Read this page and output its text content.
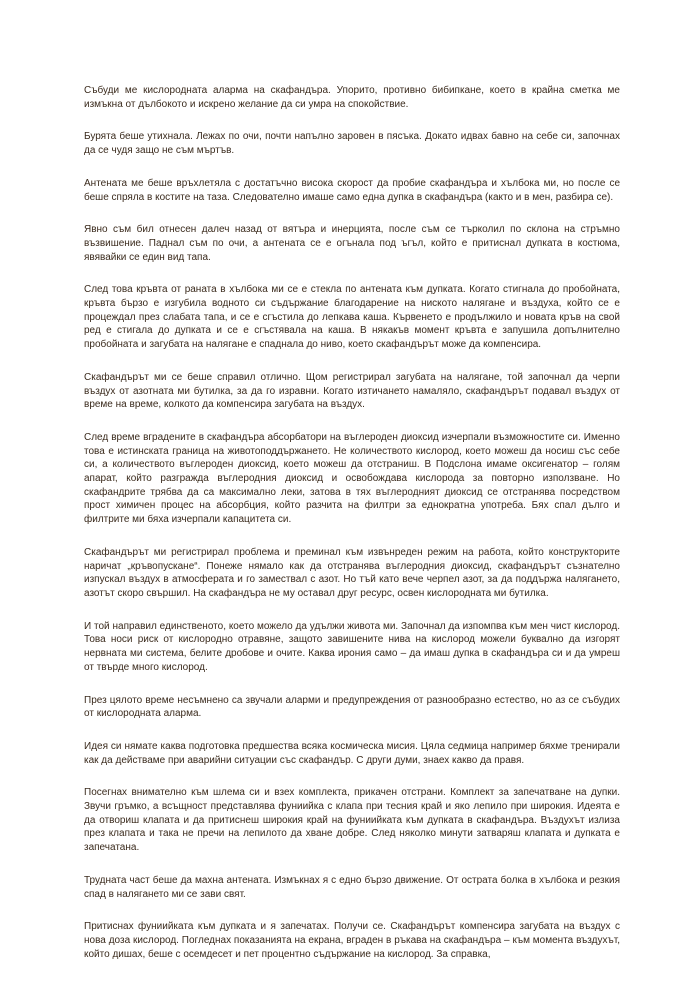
Събуди ме кислородната аларма на скафандъра. Упорито, противно бибипкане, което в крайна сметка ме измъкна от дълбокото и искрено желание да си умра на спокойствие.

Бурята беше утихнала. Лежах по очи, почти напълно заровен в пясъка. Докато идвах бавно на себе си, започнах да се чудя защо не съм мъртъв.

Антената ме беше връхлетяла с достатъчно висока скорост да пробие скафандъра и хълбока ми, но после се беше спряла в костите на таза. Следователно имаше само една дупка в скафандъра (както и в мен, разбира се).

Явно съм бил отнесен далеч назад от вятъра и инерцията, после съм се търколил по склона на стръмно възвишение. Паднал съм по очи, а антената се е огънала под ъгъл, който е притиснал дупката в костюма, явявайки се един вид тапа.

След това кръвта от раната в хълбока ми се е стекла по антената към дупката. Когато стигнала до пробойната, кръвта бързо е изгубила водното си съдържание благодарение на ниското налягане и въздуха, който се е процеждал през слабата тапа, и се е сгъстила до лепкава каша. Кървенето е продължило и новата кръв на свой ред е стигала до дупката и се е сгъстявала на каша. В някакъв момент кръвта е запушила допълнително пробойната и загубата на налягане е спаднала до ниво, което скафандърът може да компенсира.

Скафандърът ми се беше справил отлично. Щом регистрирал загубата на налягане, той започнал да черпи въздух от азотната ми бутилка, за да го изравни. Когато изтичането намаляло, скафандърът подавал въздух от време на време, колкото да компенсира загубата на въздух.

След време вградените в скафандъра абсорбатори на въглероден диоксид изчерпали възможностите си. Именно това е истинската граница на животоподдържането. Не количеството кислород, което можеш да носиш със себе си, а количеството въглероден диоксид, което можеш да отстраниш. В Подслона имаме оксигенатор – голям апарат, който разгражда въглеродния диоксид и освобождава кислорода за повторно използване. Но скафандрите трябва да са максимално леки, затова в тях въглеродният диоксид се отстранява посредством прост химичен процес на абсорбция, който разчита на филтри за еднократна употреба. Бях спал дълго и филтрите ми бяха изчерпали капацитета си.

Скафандърът ми регистрирал проблема и преминал към извънреден режим на работа, който конструкторите наричат „кръвопускане“. Понеже нямало как да отстранява въглеродния диоксид, скафандърът съзнателно изпускал въздух в атмосферата и го замествал с азот. Но тъй като вече черпел азот, за да поддържа налягането, азотът скоро свършил. На скафандъра не му оставал друг ресурс, освен кислородната ми бутилка.

И той направил единственото, което можело да удължи живота ми. Започнал да изпомпва към мен чист кислород. Това носи риск от кислородно отравяне, защото завишените нива на кислород можели буквално да изгорят нервната ми система, белите дробове и очите. Каква ирония само – да имаш дупка в скафандъра си и да умреш от твърде много кислород.

През цялото време несъмнено са звучали аларми и предупреждения от разнообразно естество, но аз се събудих от кислородната аларма.

Идея си нямате каква подготовка предшества всяка космическа мисия. Цяла седмица например бяхме тренирали как да действаме при аварийни ситуации със скафандър. С други думи, знаех какво да правя.

Посегнах внимателно към шлема си и взех комплекта, прикачен отстрани. Комплект за запечатване на дупки. Звучи гръмко, а всъщност представлява фуниийка с клапа при тесния край и яко лепило при широкия. Идеята е да отвориш клапата и да притиснеш широкия край на фуниийката към дупката в скафандъра. Въздухът излиза през клапата и така не пречи на лепилото да хване добре. След няколко минути затваряш клапата и дупката е запечатана.

Трудната част беше да махна антената. Измъкнах я с едно бързо движение. От острата болка в хълбока и резкия спад в налягането ми се зави свят.

Притиснах фуниийката към дупката и я запечатах. Получи се. Скафандърът компенсира загубата на въздух с нова доза кислород. Погледнах показанията на екрана, вграден в ръкава на скафандъра – към момента въздухът, който дишах, беше с осемдесет и пет процентно съдържание на кислород. За справка,
